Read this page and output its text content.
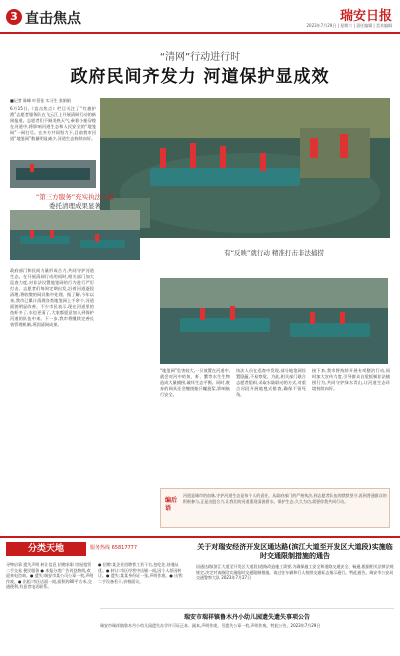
3 直击焦点	瑞安日报
2023年7月29日 | 星期六 | 责任编辑 | 美术编辑
“清网”行动进行时
政府民间齐发力 河道保护显成效
■记者 陈峰 叶蓓佳 实习生 张娟娟
6月15日,《直击焦点》栏目关注了“红旗护渔”志愿者服务队在飞云江上开展清网行动的新闻报道。志愿者们不顾炎热天气,乘着小船穿梭在河道中,将影响河道生态和人民安全的“地笼网”一网打尽。在多方共同努力下,目前我市河道“地笼网”数量明显减少,河道生态持续向好。
“第三方服务”充实执法力量
委托清理成果显著
有“反映”就行动 精准打击非法捕捞
政府部门和民间力量形成合力,共同守护河道生态。在开展清网行动的同时,相关部门加大巡查力度,对非法设置地笼网的行为进行严厉打击。志愿者们每周定期出发,沿着河道逐段清理,将收缴的网具集中处理。据了解,今年以来,我市已累计清理各类地笼网上千余个,河道面貌明显改善。不少市民表示,现在河道里的鱼虾多了,水也更清了,大家都愿意加入到保护河道的队伍中来。下一步,我市将继续完善长效管理机制,巩固清网成果。
“地笼网”危害较大,一旦放置在河道中,就会对河中的鱼、虾、蟹等水生生物造成大量捕捞,破坏生态平衡。同时,废弃的网具还会缠绕船只螺旋桨,影响航行安全。
执法人员在巡查中发现,部分地笼网设置隐蔽,不易察觉。为此,相关部门联合志愿者组织,采取水陆联动的方式,对重点河段开展地毯式排查,确保不留死角。
接下来,我市将持续开展专项整治行动,同时加大宣传力度,引导群众自觉抵制非法捕捞行为,共同守护绿水青山,让河道生态环境持续向好。
编后语
河道是城市的血脉,守护河道生态是每个人的责任。从政府部门的严格执法,到志愿者队伍的默默坚守,再到普通群众的积极参与,正是这股合力,让我们的河道重现清波碧水。保护生态,久久为功,需要你我共同行动。
分类天地	服务热线 65817777
寻物启事 遗失声明 转让信息 招聘求职 房屋租赁 二手交易 便民服务 ● 本报分类广告刊登热线,欢迎来电咨询。● 遗失:瑞安市某公司公章一枚,声明作废。● 出租:市区店面一间,面积约80平方米,交通便利,有意者电话联系。
● 招聘:某企业招聘普工若干名,包吃住,待遇从优。● 转让:市区经营中店铺一间,因个人原因转让。● 遗失:某某身份证一张,声明作废。● 出售:二手设备若干,价格面议。
关于对瑞安经济开发区通达路(滨江大道至开发区大道段)实施临时交通限制措施的通告
因通达路(滨江大道至开发区大道段)道路改造施工需要,为确保施工安全和道路交通安全、畅通,根据相关法律法规规定,决定对该路段实施临时交通限制措施。请过往车辆和行人按照交通标志指示通行。特此通告。瑞安市公安局交通警察大队 2023年7月27日
瑞安市瑞祥镇鲁木丹小幼儿园遗失遗失事项公告
瑞安市瑞祥镇鲁木丹小幼儿园遗失办学许可证正本、副本,声明作废。另遗失公章一枚,声明作废。特此公告。2023年7月29日
